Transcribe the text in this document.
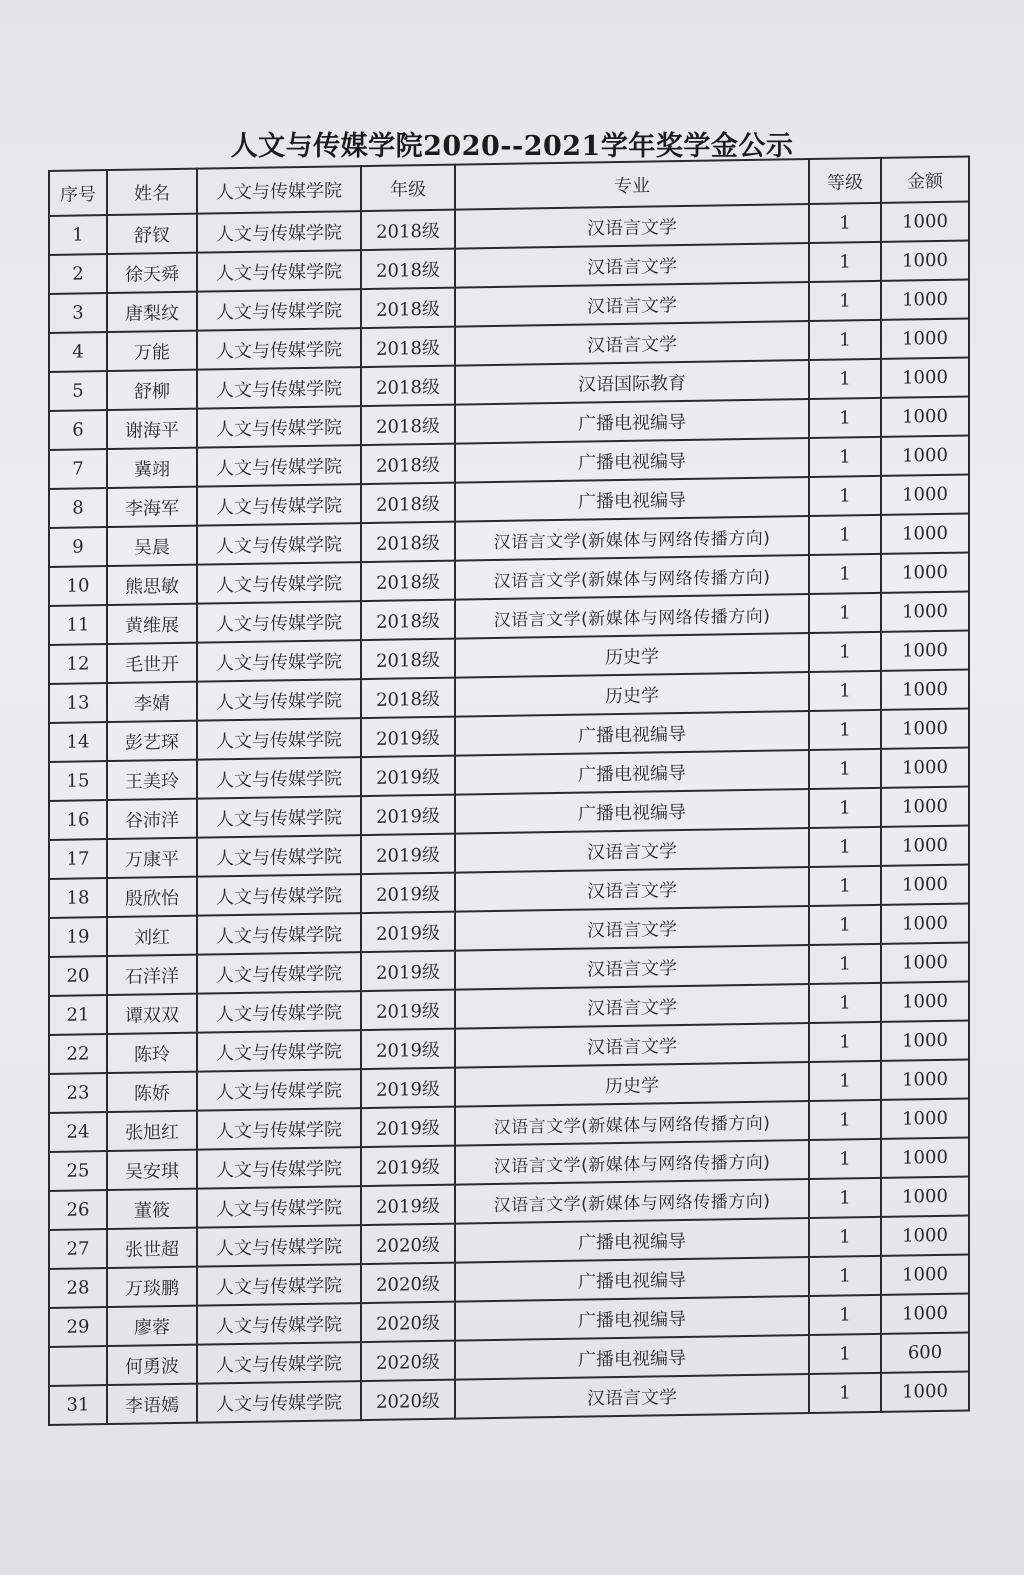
人文与传媒学院2020--2021学年奖学金公示
序号	姓名	人文与传媒学院	年级	专业	等级	金额
1	舒钗	人文与传媒学院	2018级	汉语言文学	1	1000
2	徐天舜	人文与传媒学院	2018级	汉语言文学	1	1000
3	唐梨纹	人文与传媒学院	2018级	汉语言文学	1	1000
4	万能	人文与传媒学院	2018级	汉语言文学	1	1000
5	舒柳	人文与传媒学院	2018级	汉语国际教育	1	1000
6	谢海平	人文与传媒学院	2018级	广播电视编导	1	1000
7	冀翊	人文与传媒学院	2018级	广播电视编导	1	1000
8	李海军	人文与传媒学院	2018级	广播电视编导	1	1000
9	吴晨	人文与传媒学院	2018级	汉语言文学(新媒体与网络传播方向)	1	1000
10	熊思敏	人文与传媒学院	2018级	汉语言文学(新媒体与网络传播方向)	1	1000
11	黄维展	人文与传媒学院	2018级	汉语言文学(新媒体与网络传播方向)	1	1000
12	毛世开	人文与传媒学院	2018级	历史学	1	1000
13	李婧	人文与传媒学院	2018级	历史学	1	1000
14	彭艺琛	人文与传媒学院	2019级	广播电视编导	1	1000
15	王美玲	人文与传媒学院	2019级	广播电视编导	1	1000
16	谷沛洋	人文与传媒学院	2019级	广播电视编导	1	1000
17	万康平	人文与传媒学院	2019级	汉语言文学	1	1000
18	殷欣怡	人文与传媒学院	2019级	汉语言文学	1	1000
19	刘红	人文与传媒学院	2019级	汉语言文学	1	1000
20	石洋洋	人文与传媒学院	2019级	汉语言文学	1	1000
21	谭双双	人文与传媒学院	2019级	汉语言文学	1	1000
22	陈玲	人文与传媒学院	2019级	汉语言文学	1	1000
23	陈娇	人文与传媒学院	2019级	历史学	1	1000
24	张旭红	人文与传媒学院	2019级	汉语言文学(新媒体与网络传播方向)	1	1000
25	吴安琪	人文与传媒学院	2019级	汉语言文学(新媒体与网络传播方向)	1	1000
26	董筱	人文与传媒学院	2019级	汉语言文学(新媒体与网络传播方向)	1	1000
27	张世超	人文与传媒学院	2020级	广播电视编导	1	1000
28	万琰鹏	人文与传媒学院	2020级	广播电视编导	1	1000
29	廖蓉	人文与传媒学院	2020级	广播电视编导	1	1000
	何勇波	人文与传媒学院	2020级	广播电视编导	1	600
31	李语嫣	人文与传媒学院	2020级	汉语言文学	1	1000
